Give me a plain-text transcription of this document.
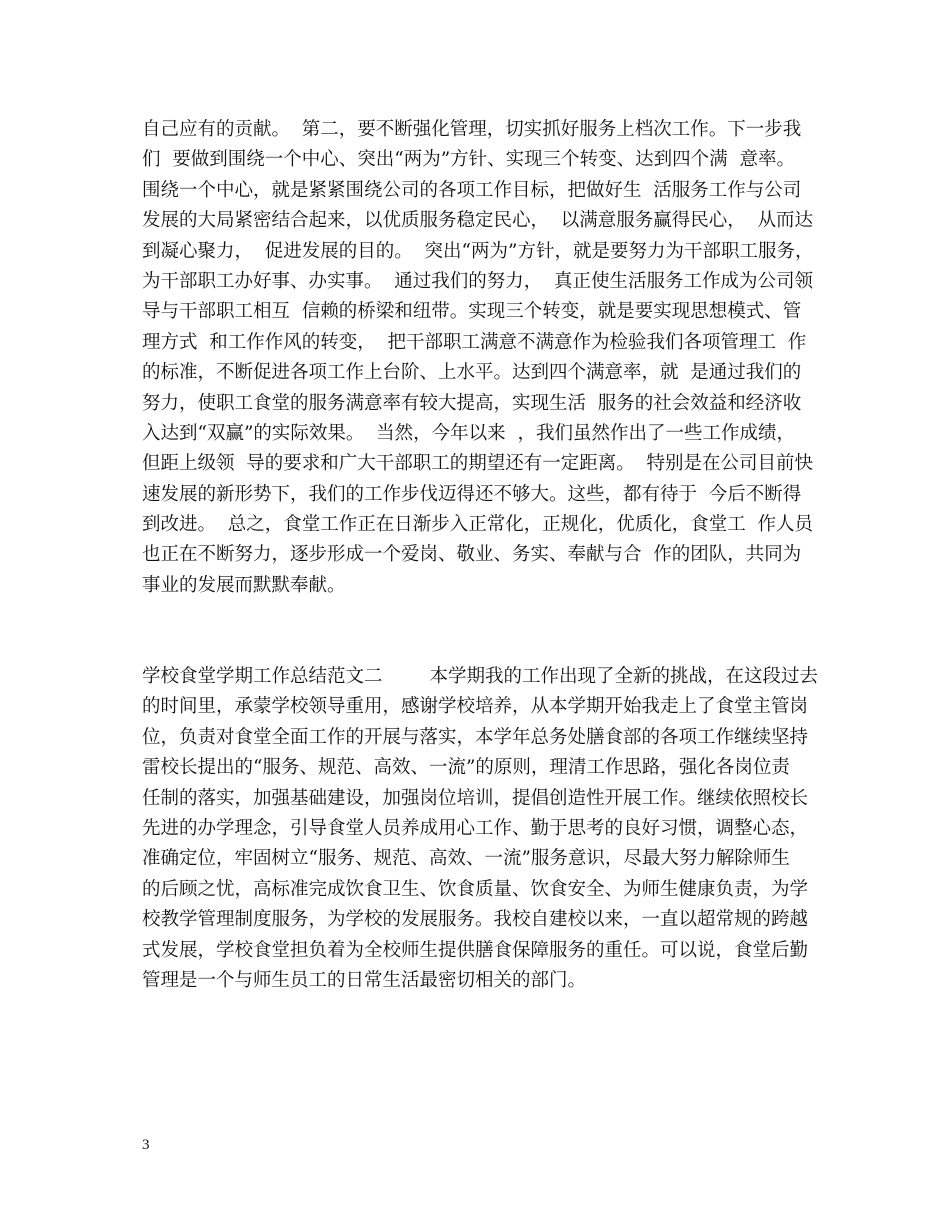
自己应有的贡献。  第二，要不断强化管理，切实抓好服务上档次工作。下一步我
们  要做到围绕一个中心、突出“两为”方针、实现三个转变、达到四个满  意率。
围绕一个中心，就是紧紧围绕公司的各项工作目标，把做好生  活服务工作与公司
发展的大局紧密结合起来，以优质服务稳定民心，  以满意服务赢得民心，  从而达
到凝心聚力，  促进发展的目的。  突出“两为”方针，就是要努力为干部职工服务，
为干部职工办好事、办实事。  通过我们的努力，  真正使生活服务工作成为公司领
导与干部职工相互  信赖的桥梁和纽带。实现三个转变，就是要实现思想模式、管
理方式  和工作作风的转变，  把干部职工满意不满意作为检验我们各项管理工  作
的标准，不断促进各项工作上台阶、上水平。达到四个满意率，就  是通过我们的
努力，使职工食堂的服务满意率有较大提高，实现生活  服务的社会效益和经济收
入达到“双赢”的实际效果。  当然，今年以来  ，我们虽然作出了一些工作成绩，
但距上级领  导的要求和广大干部职工的期望还有一定距离。  特别是在公司目前快
速发展的新形势下，我们的工作步伐迈得还不够大。这些，都有待于  今后不断得
到改进。  总之，食堂工作正在日渐步入正常化，正规化，优质化，食堂工  作人员
也正在不断努力，逐步形成一个爱岗、敬业、务实、奉献与合  作的团队，共同为
事业的发展而默默奉献。
学校食堂学期工作总结范文二        本学期我的工作出现了全新的挑战，在这段过去
的时间里，承蒙学校领导重用，感谢学校培养，从本学期开始我走上了食堂主管岗
位，负责对食堂全面工作的开展与落实，本学年总务处膳食部的各项工作继续坚持
雷校长提出的“服务、规范、高效、一流”的原则，理清工作思路，强化各岗位责
任制的落实，加强基础建设，加强岗位培训，提倡创造性开展工作。继续依照校长
先进的办学理念，引导食堂人员养成用心工作、勤于思考的良好习惯，调整心态，
准确定位，牢固树立“服务、规范、高效、一流”服务意识，尽最大努力解除师生
的后顾之忧，高标准完成饮食卫生、饮食质量、饮食安全、为师生健康负责，为学
校教学管理制度服务，为学校的发展服务。我校自建校以来，一直以超常规的跨越
式发展，学校食堂担负着为全校师生提供膳食保障服务的重任。可以说，食堂后勤
管理是一个与师生员工的日常生活最密切相关的部门。
3
